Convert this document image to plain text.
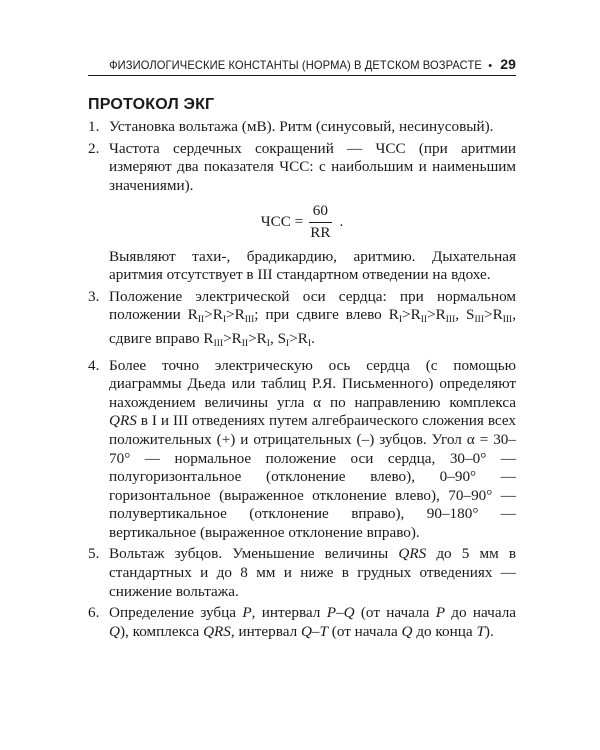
ФИЗИОЛОГИЧЕСКИЕ КОНСТАНТЫ (НОРМА) В ДЕТСКОМ ВОЗРАСТЕ • 29
ПРОТОКОЛ ЭКГ
1. Установка вольтажа (мВ). Ритм (синусовый, несинусовый).
2. Частота сердечных сокращений — ЧСС (при аритмии измеряют два показателя ЧСС: с наибольшим и наименьшим значениями).
ЧСС = $\frac{60}{RR}$ .
Выявляют тахи-, брадикардию, аритмию. Дыхательная аритмия отсутствует в III стандартном отведении на вдохе.
3. Положение электрической оси сердца: при нормальном положении $R_{II}>R_I>R_{III}$; при сдвиге влево $R_I>R_{II}>R_{III}$, $S_{III}>R_{III}$, сдвиге вправо $R_{III}>R_{II}>R_I$, $S_I>R_I$.
4. Более точно электрическую ось сердца (с помощью диаграммы Дьеда или таблиц Р.Я. Письменного) определяют нахождением величины угла α по направлению комплекса QRS в I и III отведениях путем алгебраического сложения всех положительных (+) и отрицательных (–) зубцов. Угол α = 30–70° — нормальное положение оси сердца, 30–0° — полугоризонтальное (отклонение влево), 0–90° — горизонтальное (выраженное отклонение влево), 70–90° — полувертикальное (отклонение вправо), 90–180° — вертикальное (выраженное отклонение вправо).
5. Вольтаж зубцов. Уменьшение величины QRS до 5 мм в стандартных и до 8 мм и ниже в грудных отведениях — снижение вольтажа.
6. Определение зубца P, интервал P–Q (от начала P до начала Q), комплекса QRS, интервал Q–T (от начала Q до конца T).
